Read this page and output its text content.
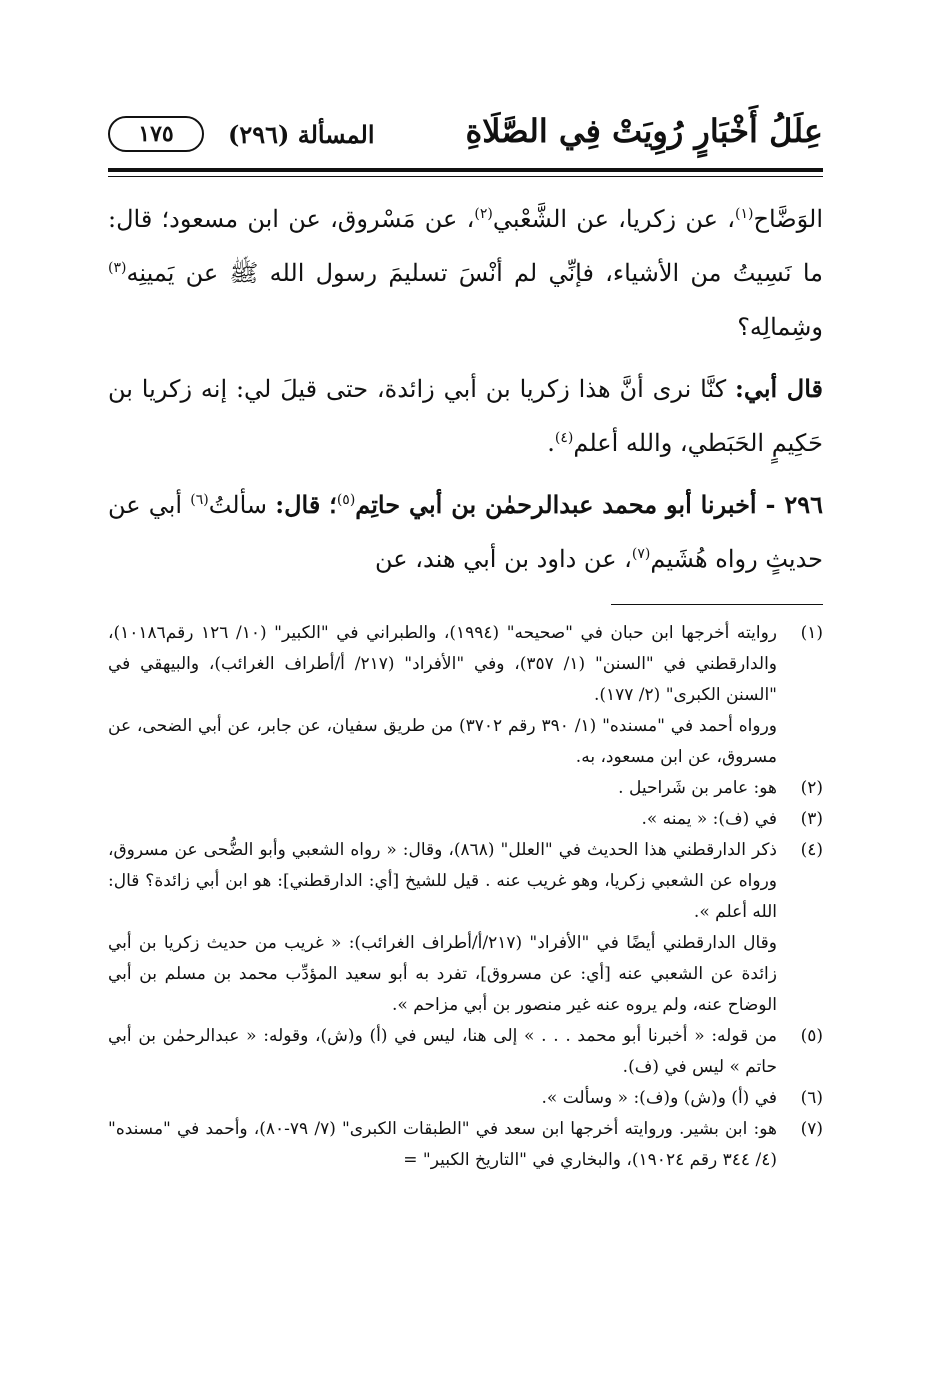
عِلَلُ أَخْبَارٍ رُوِيَتْ فِي الصَّلَاةِ
المسألة (٢٩٦)
١٧٥

الوَضَّاح$^{(١)}$، عن زكريا، عن الشَّعْبي$^{(٢)}$، عن مَسْروق، عن ابن مسعود؛ قال: ما نَسِيتُ من الأشياء، فإنِّي لم أنْسَ تسليمَ رسول الله ﷺ عن يَمينِه$^{(٣)}$ وشِمالِه؟

قال أبي: كنَّا نرى أنَّ هذا زكريا بن أبي زائدة، حتى قيلَ لي: إنه زكريا بن حَكِيمٍ الحَبَطي، والله أعلم$^{(٤)}$.

٢٩٦ - أخبرنا أبو محمد عبدالرحمٰن بن أبي حاتِم$^{(٥)}$؛ قال: سألتُ$^{(٦)}$ أبي عن حديثٍ رواه هُشَيم$^{(٧)}$، عن داود بن أبي هند، عن

(١)

روايته أخرجها ابن حبان في "صحيحه" (١٩٩٤)، والطبراني في "الكبير" (١٠/ ١٢٦ رقم١٠١٨٦)، والدارقطني في "السنن" (١/ ٣٥٧)، وفي "الأفراد" (٢١٧/ أ/أطراف الغرائب)، والبيهقي في "السنن الكبرى" (٢/ ١٧٧).

ورواه أحمد في "مسنده" (١/ ٣٩٠ رقم ٣٧٠٢) من طريق سفيان، عن جابر، عن أبي الضحى، عن مسروق، عن ابن مسعود، به.

(٢)
هو: عامر بن شَراحيل .
(٣)
في (ف): « يمنه ».
(٤)

ذكر الدارقطني هذا الحديث في "العلل" (٨٦٨)، وقال: « رواه الشعبي وأبو الضُّحى عن مسروق، ورواه عن الشعبي زكريا، وهو غريب عنه . قيل للشيخ [أي: الدارقطني]: هو ابن أبي زائدة؟ قال: الله أعلم ».

وقال الدارقطني أيضًا في "الأفراد" (٢١٧/أ/أطراف الغرائب): « غريب من حديث زكريا بن أبي زائدة عن الشعبي عنه [أي: عن مسروق]، تفرد به أبو سعيد المؤدِّب محمد بن مسلم بن أبي الوضاح عنه، ولم يروه عنه غير منصور بن أبي مزاحم ».

(٥)
من قوله: « أخبرنا أبو محمد . . . » إلى هنا، ليس في (أ) و(ش)، وقوله: « عبدالرحمٰن بن أبي حاتم » ليس في (ف).
(٦)
في (أ) و(ش) و(ف): « وسألت ».
(٧)
هو: ابن بشير. وروايته أخرجها ابن سعد في "الطبقات الكبرى" (٧/ ٧٩-٨٠)، وأحمد في "مسنده" (٤/ ٣٤٤ رقم ١٩٠٢٤)، والبخاري في "التاريخ الكبير" =
